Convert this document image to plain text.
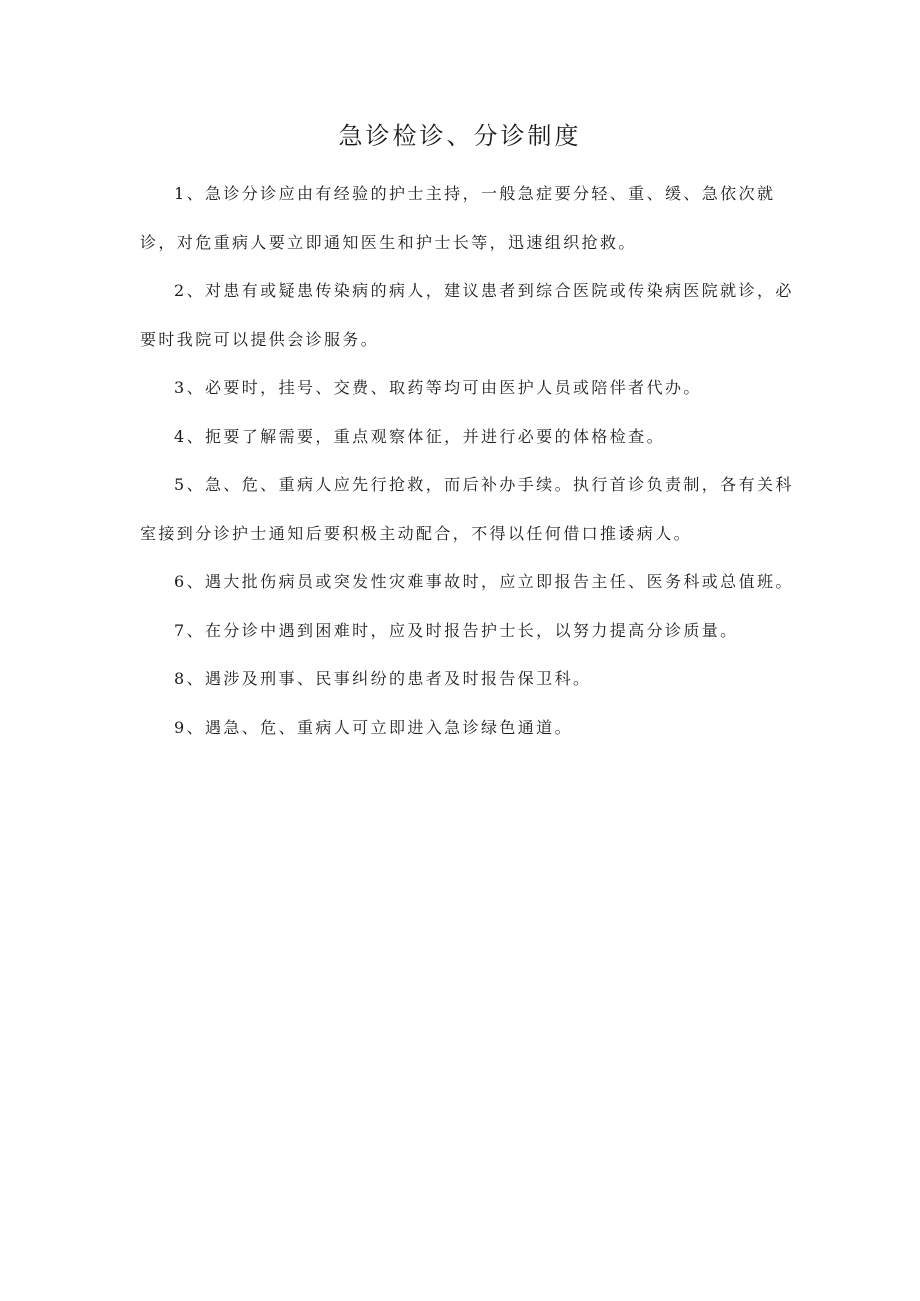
急诊检诊、分诊制度

1、急诊分诊应由有经验的护士主持，一般急症要分轻、重、缓、急依次就诊，对危重病人要立即通知医生和护士长等，迅速组织抢救。

2、对患有或疑患传染病的病人，建议患者到综合医院或传染病医院就诊，必要时我院可以提供会诊服务。

3、必要时，挂号、交费、取药等均可由医护人员或陪伴者代办。

4、扼要了解需要，重点观察体征，并进行必要的体格检查。

5、急、危、重病人应先行抢救，而后补办手续。执行首诊负责制，各有关科室接到分诊护士通知后要积极主动配合，不得以任何借口推诿病人。

6、遇大批伤病员或突发性灾难事故时，应立即报告主任、医务科或总值班。

7、在分诊中遇到困难时，应及时报告护士长，以努力提高分诊质量。

8、遇涉及刑事、民事纠纷的患者及时报告保卫科。

9、遇急、危、重病人可立即进入急诊绿色通道。
